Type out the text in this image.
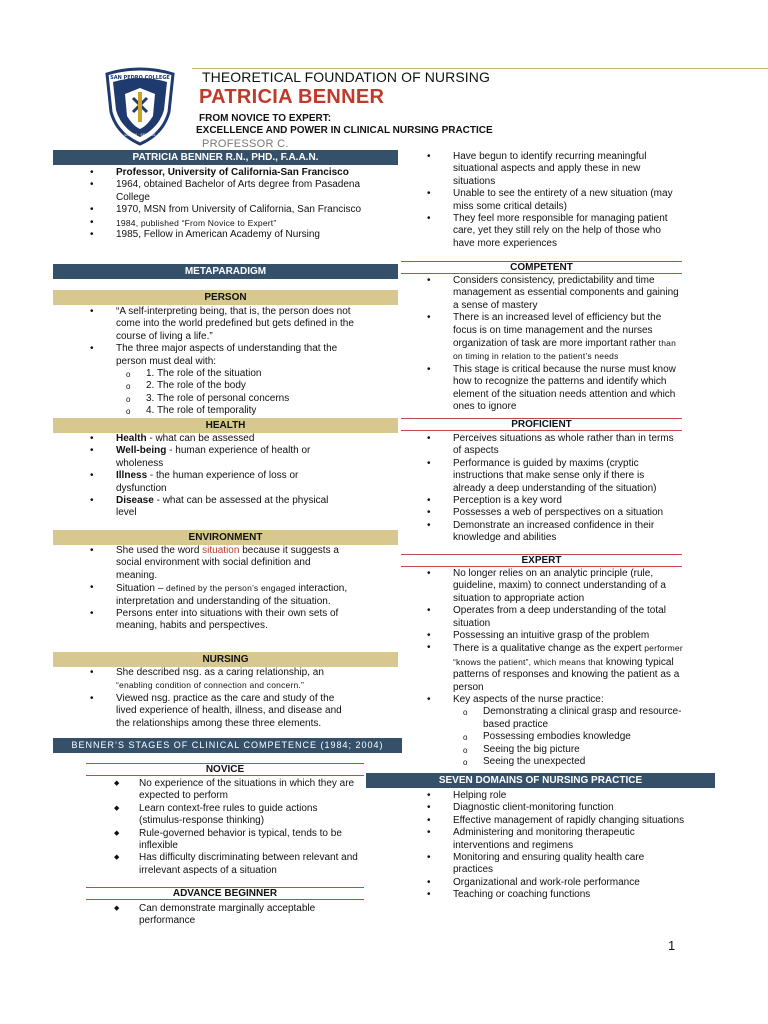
SAN PEDRO COLLEGE
LUMEN · SERVIAS
THEORETICAL FOUNDATION OF NURSING
PATRICIA BENNER
FROM NOVICE TO EXPERT:
EXCELLENCE AND POWER IN CLINICAL NURSING PRACTICE
PROFESSOR C.
PATRICIA BENNER R.N., PHD., F.A.A.N.
• Professor, University of California-San Francisco
• 1964, obtained Bachelor of Arts degree from Pasadena College
• 1970, MSN from University of California, San Francisco
• 1984, published “From Novice to Expert”
• 1985, Fellow in American Academy of Nursing
METAPARADIGM
PERSON
• “A self-interpreting being, that is, the person does not come into the world predefined but gets defined in the course of living a life.”
• The three major aspects of understanding that the person must deal with:
o 1. The role of the situation
o 2. The role of the body
o 3. The role of personal concerns
o 4. The role of temporality
HEALTH
• Health - what can be assessed
• Well-being - human experience of health or wholeness
• Illness - the human experience of loss or dysfunction
• Disease - what can be assessed at the physical level
ENVIRONMENT
• She used the word situation because it suggests a social environment with social definition and meaning.
• Situation – defined by the person’s engaged interaction, interpretation and understanding of the situation.
• Persons enter into situations with their own sets of meaning, habits and perspectives.
NURSING
• She described nsg. as a caring relationship, an “enabling condition of connection and concern.”
• Viewed nsg. practice as the care and study of the lived experience of health, illness, and disease and the relationships among these three elements.
BENNER’S STAGES OF CLINICAL COMPETENCE (1984; 2004)
NOVICE
◆ No experience of the situations in which they are expected to perform
◆ Learn context-free rules to guide actions (stimulus-response thinking)
◆ Rule-governed behavior is typical, tends to be inflexible
◆ Has difficulty discriminating between relevant and irrelevant aspects of a situation
ADVANCE BEGINNER
◆ Can demonstrate marginally acceptable performance
• Have begun to identify recurring meaningful situational aspects and apply these in new situations
• Unable to see the entirety of a new situation (may miss some critical details)
• They feel more responsible for managing patient care, yet they still rely on the help of those who have more experiences
COMPETENT
• Considers consistency, predictability and time management as essential components and gaining a sense of mastery
• There is an increased level of efficiency but the focus is on time management and the nurses organization of task are more important rather than on timing in relation to the patient’s needs
• This stage is critical because the nurse must know how to recognize the patterns and identify which element of the situation needs attention and which ones to ignore
PROFICIENT
• Perceives situations as whole rather than in terms of aspects
• Performance is guided by maxims (cryptic instructions that make sense only if there is already a deep understanding of the situation)
• Perception is a key word
• Possesses a web of perspectives on a situation
• Demonstrate an increased confidence in their knowledge and abilities
EXPERT
• No longer relies on an analytic principle (rule, guideline, maxim) to connect understanding of a situation to appropriate action
• Operates from a deep understanding of the total situation
• Possessing an intuitive grasp of the problem
• There is a qualitative change as the expert performer “knows the patient”, which means that knowing typical patterns of responses and knowing the patient as a person
• Key aspects of the nurse practice:
o Demonstrating a clinical grasp and resource-based practice
o Possessing embodies knowledge
o Seeing the big picture
o Seeing the unexpected
SEVEN DOMAINS OF NURSING PRACTICE
• Helping role
• Diagnostic client-monitoring function
• Effective management of rapidly changing situations
• Administering and monitoring therapeutic interventions and regimens
• Monitoring and ensuring quality health care practices
• Organizational and work-role performance
• Teaching or coaching functions
1
